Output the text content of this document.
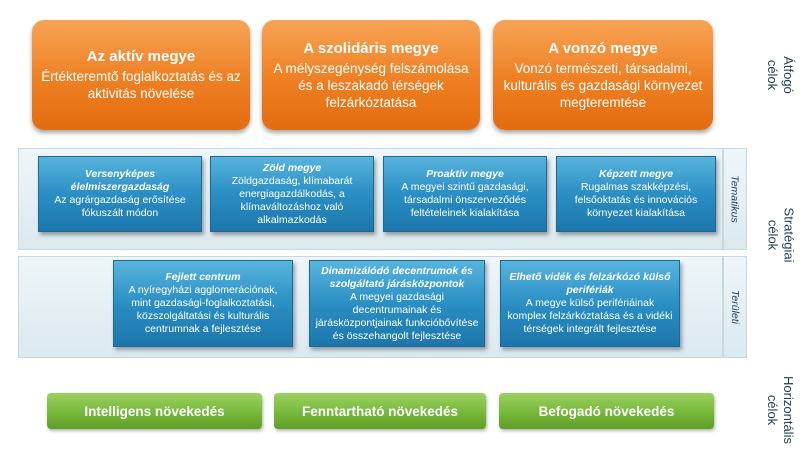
Az aktív megye
Értékteremtő foglalkoztatás és az aktivitás növelése
A szolidáris megye
A mélyszegénység felszámolása és a leszakadó térségek felzárkóztatása
A vonzó megye
Vonzó természeti, társadalmi, kulturális és gazdasági környezet megteremtése
Tematikus
Versenyképes élelmiszergazdaság
Az agrárgazdaság erősítése fókuszált módon
Zöld megye
Zöldgazdaság, klímabarát energiagazdálkodás, a klímaváltozáshoz való alkalmazkodás
Proaktív megye
A megyei szintű gazdasági, társadalmi önszerveződés feltételeinek kialakítása
Képzett megye
Rugalmas szakképzési, felsőoktatás és innovációs környezet kialakítása
Területi
Fejlett centrum
A nyíregyházi agglomerációnak, mint gazdasági-foglalkoztatási, közszolgáltatási és kulturális centrumnak a fejlesztése
Dinamizálódó decentrumok és szolgáltató járásközpontok
A megyei gazdasági decentrumainak és járásközpontjainak funkcióbővítése és összehangolt fejlesztése
Elhető vidék és felzárkózó külső perifériák
A megye külső perifériáinak komplex felzárkóztatása és a vidéki térségek integrált fejlesztése
Intelligens növekedés	Fenntartható növekedés	Befogadó növekedés
Átfogó
célok
Stratégiai
célok
Horizontális
célok
